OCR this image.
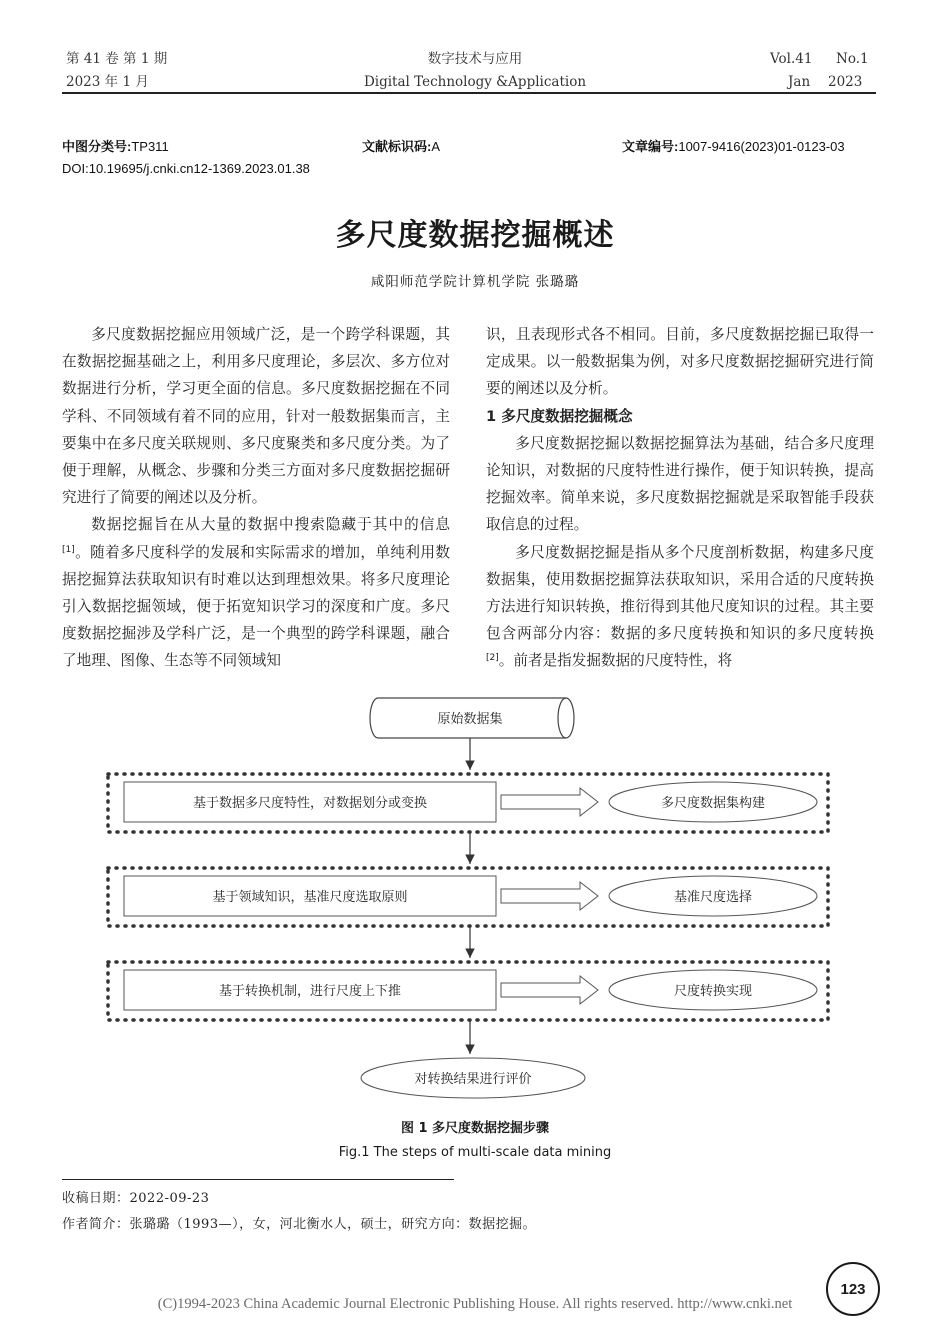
第 41 卷 第 1 期
2023 年 1 月
数字技术与应用
Digital Technology &Application
Vol.41 No.1
Jan 2023
中图分类号:TP311	文献标识码:A	文章编号:1007-9416(2023)01-0123-03
DOI:10.19695/j.cnki.cn12-1369.2023.01.38
多尺度数据挖掘概述
咸阳师范学院计算机学院 张璐璐

多尺度数据挖掘应用领域广泛，是一个跨学科课题，其在数据挖掘基础之上，利用多尺度理论，多层次、多方位对数据进行分析，学习更全面的信息。多尺度数据挖掘在不同学科、不同领域有着不同的应用，针对一般数据集而言，主要集中在多尺度关联规则、多尺度聚类和多尺度分类。为了便于理解，从概念、步骤和分类三方面对多尺度数据挖掘研究进行了简要的阐述以及分析。

数据挖掘旨在从大量的数据中搜索隐藏于其中的信息[1]。随着多尺度科学的发展和实际需求的增加，单纯利用数据挖掘算法获取知识有时难以达到理想效果。将多尺度理论引入数据挖掘领域，便于拓宽知识学习的深度和广度。多尺度数据挖掘涉及学科广泛，是一个典型的跨学科课题，融合了地理、图像、生态等不同领域知

识，且表现形式各不相同。目前，多尺度数据挖掘已取得一定成果。以一般数据集为例，对多尺度数据挖掘研究进行简要的阐述以及分析。

1 多尺度数据挖掘概念

多尺度数据挖掘以数据挖掘算法为基础，结合多尺度理论知识，对数据的尺度特性进行操作，便于知识转换，提高挖掘效率。简单来说，多尺度数据挖掘就是采取智能手段获取信息的过程。

多尺度数据挖掘是指从多个尺度剖析数据，构建多尺度数据集，使用数据挖掘算法获取知识，采用合适的尺度转换方法进行知识转换，推衍得到其他尺度知识的过程。其主要包含两部分内容：数据的多尺度转换和知识的多尺度转换[2]。前者是指发掘数据的尺度特性，将

原始数据集
基于数据多尺度特性，对数据划分或变换	多尺度数据集构建
基于领域知识，基准尺度选取原则	基准尺度选择
基于转换机制，进行尺度上下推	尺度转换实现
对转换结果进行评价
图 1 多尺度数据挖掘步骤
Fig.1 The steps of multi-scale data mining
收稿日期：2022-09-23
作者简介：张璐璐（1993—），女，河北衡水人，硕士，研究方向：数据挖掘。
123
(C)1994-2023 China Academic Journal Electronic Publishing House. All rights reserved. http://www.cnki.net
